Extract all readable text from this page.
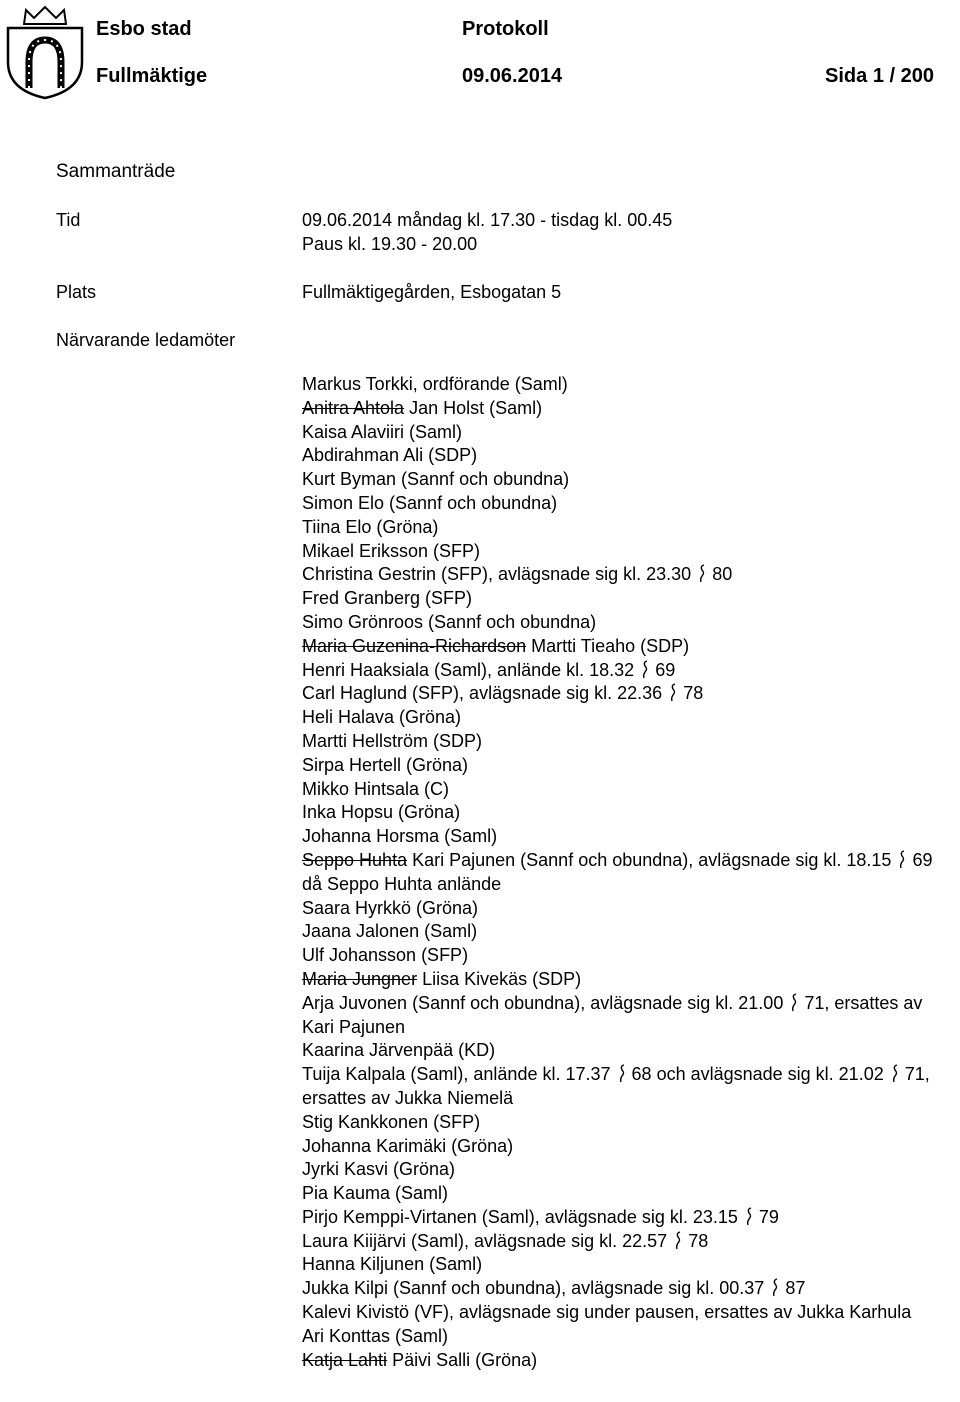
Esbo stad	Protokoll
Fullmäktige	09.06.2014	Sida 1 / 200
Sammanträde
Tid	09.06.2014 måndag kl. 17.30 - tisdag kl. 00.45
Paus kl. 19.30 - 20.00
Plats	Fullmäktigegården, Esbogatan 5
Närvarande ledamöter
Markus Torkki, ordförande (Saml)
Anitra Ahtola Jan Holst (Saml)
Kaisa Alaviiri (Saml)
Abdirahman Ali (SDP)
Kurt Byman (Sannf och obundna)
Simon Elo (Sannf och obundna)
Tiina Elo (Gröna)
Mikael Eriksson (SFP)
Christina Gestrin (SFP), avlägsnade sig kl. 23.30 80
Fred Granberg (SFP)
Simo Grönroos (Sannf och obundna)
Maria Guzenina-Richardson Martti Tieaho (SDP)
Henri Haaksiala (Saml), anlände kl. 18.32 69
Carl Haglund (SFP), avlägsnade sig kl. 22.36 78
Heli Halava (Gröna)
Martti Hellström (SDP)
Sirpa Hertell (Gröna)
Mikko Hintsala (C)
Inka Hopsu (Gröna)
Johanna Horsma (Saml)
Seppo Huhta Kari Pajunen (Sannf och obundna), avlägsnade sig kl. 18.15 69 då Seppo Huhta anlände
Saara Hyrkkö (Gröna)
Jaana Jalonen (Saml)
Ulf Johansson (SFP)
Maria Jungner Liisa Kivekäs (SDP)
Arja Juvonen (Sannf och obundna), avlägsnade sig kl. 21.00 71, ersattes av Kari Pajunen
Kaarina Järvenpää (KD)
Tuija Kalpala (Saml), anlände kl. 17.37 68 och avlägsnade sig kl. 21.02 71, ersattes av Jukka Niemelä
Stig Kankkonen (SFP)
Johanna Karimäki (Gröna)
Jyrki Kasvi (Gröna)
Pia Kauma (Saml)
Pirjo Kemppi-Virtanen (Saml), avlägsnade sig kl. 23.15 79
Laura Kiijärvi (Saml), avlägsnade sig kl. 22.57 78
Hanna Kiljunen (Saml)
Jukka Kilpi (Sannf och obundna), avlägsnade sig kl. 00.37 87
Kalevi Kivistö (VF), avlägsnade sig under pausen, ersattes av Jukka Karhula
Ari Konttas (Saml)
Katja Lahti Päivi Salli (Gröna)
